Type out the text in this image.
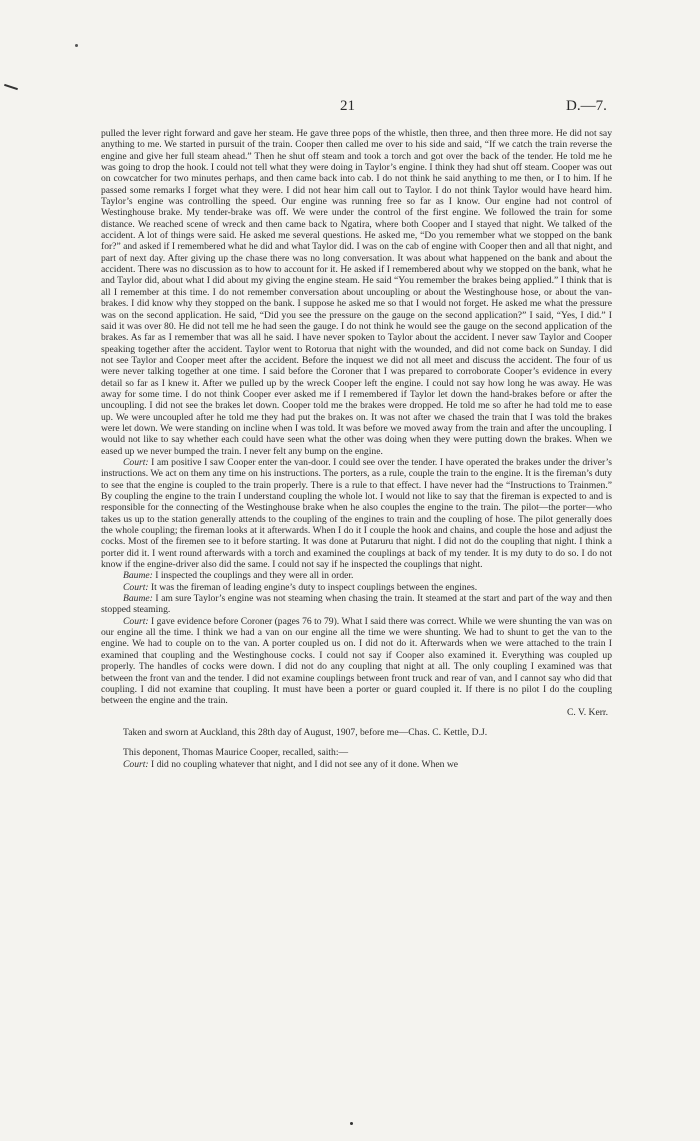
21	D.—7.

pulled the lever right forward and gave her steam. He gave three pops of the whistle, then three, and then three more. He did not say anything to me. We started in pursuit of the train. Cooper then called me over to his side and said, “If we catch the train reverse the engine and give her full steam ahead.” Then he shut off steam and took a torch and got over the back of the tender. He told me he was going to drop the hook. I could not tell what they were doing in Taylor’s engine. I think they had shut off steam. Cooper was out on cowcatcher for two minutes perhaps, and then came back into cab. I do not think he said anything to me then, or I to him. If he passed some remarks I forget what they were. I did not hear him call out to Taylor. I do not think Taylor would have heard him. Taylor’s engine was controlling the speed. Our engine was running free so far as I know. Our engine had not control of Westinghouse brake. My tender-brake was off. We were under the control of the first engine. We followed the train for some distance. We reached scene of wreck and then came back to Ngatira, where both Cooper and I stayed that night. We talked of the accident. A lot of things were said. He asked me several questions. He asked me, “Do you remember what we stopped on the bank for?” and asked if I remembered what he did and what Taylor did. I was on the cab of engine with Cooper then and all that night, and part of next day. After giving up the chase there was no long conversation. It was about what happened on the bank and about the accident. There was no discussion as to how to account for it. He asked if I remembered about why we stopped on the bank, what he and Taylor did, about what I did about my giving the engine steam. He said “You remember the brakes being applied.” I think that is all I remember at this time. I do not remember conversation about uncoupling or about the Westinghouse hose, or about the van-brakes. I did know why they stopped on the bank. I suppose he asked me so that I would not forget. He asked me what the pressure was on the second application. He said, “Did you see the pressure on the gauge on the second application?” I said, “Yes, I did.” I said it was over 80. He did not tell me he had seen the gauge. I do not think he would see the gauge on the second application of the brakes. As far as I remember that was all he said. I have never spoken to Taylor about the accident. I never saw Taylor and Cooper speaking together after the accident. Taylor went to Rotorua that night with the wounded, and did not come back on Sunday. I did not see Taylor and Cooper meet after the accident. Before the inquest we did not all meet and discuss the accident. The four of us were never talking together at one time. I said before the Coroner that I was prepared to corroborate Cooper’s evidence in every detail so far as I knew it. After we pulled up by the wreck Cooper left the engine. I could not say how long he was away. He was away for some time. I do not think Cooper ever asked me if I remembered if Taylor let down the hand-brakes before or after the uncoupling. I did not see the brakes let down. Cooper told me the brakes were dropped. He told me so after he had told me to ease up. We were uncoupled after he told me they had put the brakes on. It was not after we chased the train that I was told the brakes were let down. We were standing on incline when I was told. It was before we moved away from the train and after the uncoupling. I would not like to say whether each could have seen what the other was doing when they were putting down the brakes. When we eased up we never bumped the train. I never felt any bump on the engine.

Court: I am positive I saw Cooper enter the van-door. I could see over the tender. I have operated the brakes under the driver’s instructions. We act on them any time on his instructions. The porters, as a rule, couple the train to the engine. It is the fireman’s duty to see that the engine is coupled to the train properly. There is a rule to that effect. I have never had the “Instructions to Trainmen.” By coupling the engine to the train I understand coupling the whole lot. I would not like to say that the fireman is expected to and is responsible for the connecting of the Westinghouse brake when he also couples the engine to the train. The pilot—the porter—who takes us up to the station generally attends to the coupling of the engines to train and the coupling of hose. The pilot generally does the whole coupling; the fireman looks at it afterwards. When I do it I couple the hook and chains, and couple the hose and adjust the cocks. Most of the firemen see to it before starting. It was done at Putaruru that night. I did not do the coupling that night. I think a porter did it. I went round afterwards with a torch and examined the couplings at back of my tender. It is my duty to do so. I do not know if the engine-driver also did the same. I could not say if he inspected the couplings that night.

Baume: I inspected the couplings and they were all in order.

Court: It was the fireman of leading engine’s duty to inspect couplings between the engines.

Baume: I am sure Taylor’s engine was not steaming when chasing the train. It steamed at the start and part of the way and then stopped steaming.

Court: I gave evidence before Coroner (pages 76 to 79). What I said there was correct. While we were shunting the van was on our engine all the time. I think we had a van on our engine all the time we were shunting. We had to shunt to get the van to the engine. We had to couple on to the van. A porter coupled us on. I did not do it. Afterwards when we were attached to the train I examined that coupling and the Westinghouse cocks. I could not say if Cooper also examined it. Everything was coupled up properly. The handles of cocks were down. I did not do any coupling that night at all. The only coupling I examined was that between the front van and the tender. I did not examine couplings between front truck and rear of van, and I cannot say who did that coupling. I did not examine that coupling. It must have been a porter or guard coupled it. If there is no pilot I do the coupling between the engine and the train.

C. V. Kerr.

Taken and sworn at Auckland, this 28th day of August, 1907, before me—Chas. C. Kettle, D.J.

This deponent, Thomas Maurice Cooper, recalled, saith:—

Court: I did no coupling whatever that night, and I did not see any of it done. When we
